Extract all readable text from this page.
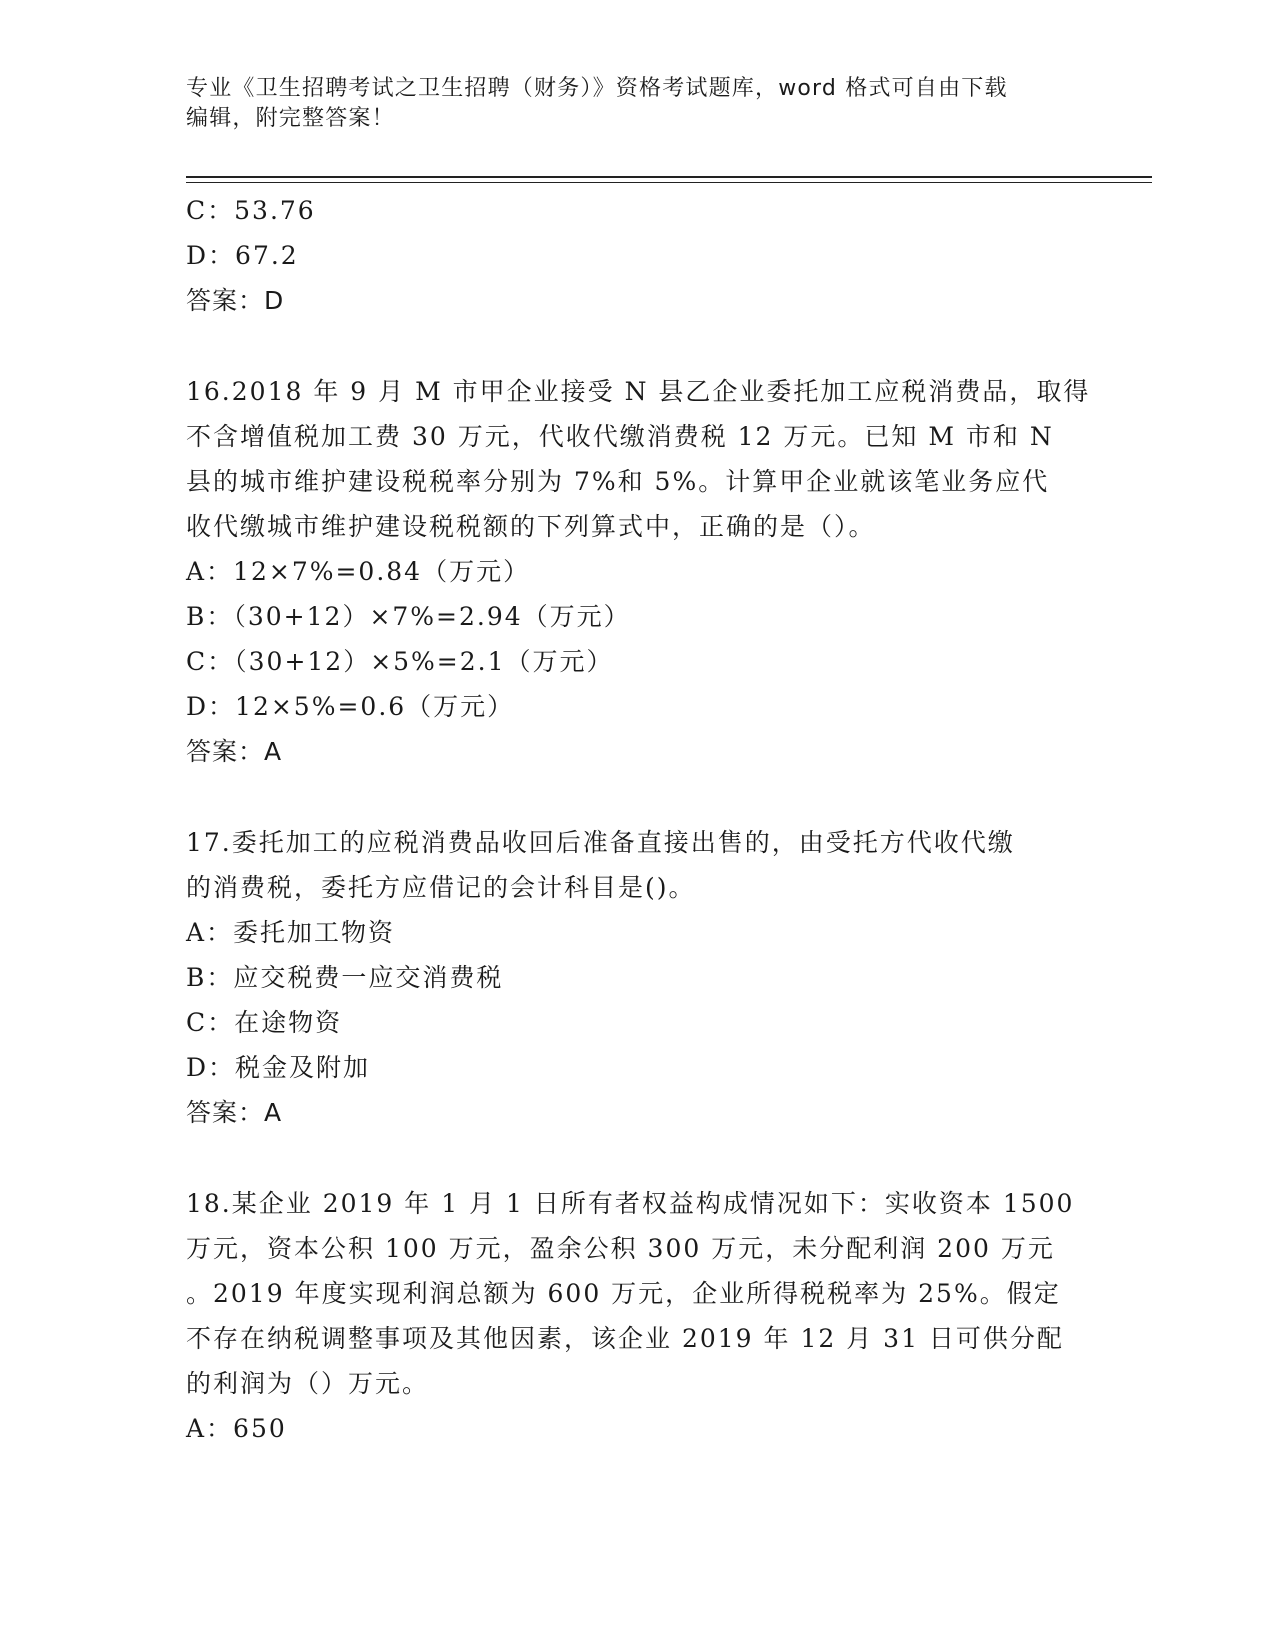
专业《卫生招聘考试之卫生招聘（财务）》资格考试题库，word 格式可自由下载
编辑，附完整答案！
C：53.76
D：67.2
答案：D
16.2018 年 9 月 M 市甲企业接受 N 县乙企业委托加工应税消费品，取得
不含增值税加工费 30 万元，代收代缴消费税 12 万元。已知 M 市和 N
县的城市维护建设税税率分别为 7%和 5%。计算甲企业就该笔业务应代
收代缴城市维护建设税税额的下列算式中，正确的是（）。
A：12×7%=0.84（万元）
B：（30+12）×7%=2.94（万元）
C：（30+12）×5%=2.1（万元）
D：12×5%=0.6（万元）
答案：A
17.委托加工的应税消费品收回后准备直接出售的，由受托方代收代缴
的消费税，委托方应借记的会计科目是()。
A：委托加工物资
B：应交税费一应交消费税
C：在途物资
D：税金及附加
答案：A
18.某企业 2019 年 1 月 1 日所有者权益构成情况如下：实收资本 1500
万元，资本公积 100 万元，盈余公积 300 万元，未分配利润 200 万元
。2019 年度实现利润总额为 600 万元，企业所得税税率为 25%。假定
不存在纳税调整事项及其他因素，该企业 2019 年 12 月 31 日可供分配
的利润为（）万元。
A：650
